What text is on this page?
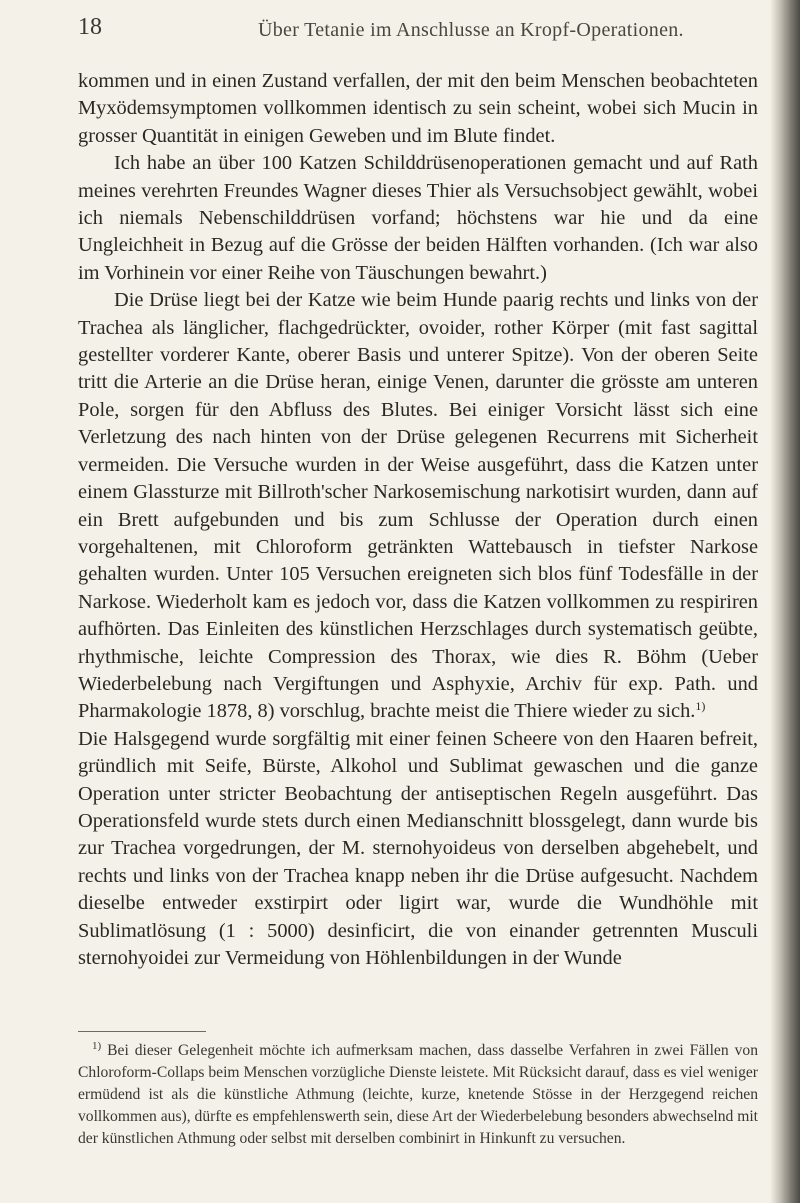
18	Über Tetanie im Anschlusse an Kropf-Operationen.

kommen und in einen Zustand verfallen, der mit den beim Menschen beobachteten Myxödemsymptomen vollkommen identisch zu sein scheint, wobei sich Mucin in grosser Quantität in einigen Geweben und im Blute findet.

Ich habe an über 100 Katzen Schilddrüsenoperationen gemacht und auf Rath meines verehrten Freundes Wagner dieses Thier als Versuchsobject gewählt, wobei ich niemals Nebenschilddrüsen vorfand; höchstens war hie und da eine Ungleichheit in Bezug auf die Grösse der beiden Hälften vorhanden. (Ich war also im Vorhinein vor einer Reihe von Täuschungen bewahrt.)

Die Drüse liegt bei der Katze wie beim Hunde paarig rechts und links von der Trachea als länglicher, flachgedrückter, ovoider, rother Körper (mit fast sagittal gestellter vorderer Kante, oberer Basis und unterer Spitze). Von der oberen Seite tritt die Arterie an die Drüse heran, einige Venen, darunter die grösste am unteren Pole, sorgen für den Abfluss des Blutes. Bei einiger Vorsicht lässt sich eine Verletzung des nach hinten von der Drüse gelegenen Recurrens mit Sicherheit vermeiden. Die Versuche wurden in der Weise ausgeführt, dass die Katzen unter einem Glassturze mit Billroth'scher Narkosemischung narkotisirt wurden, dann auf ein Brett aufgebunden und bis zum Schlusse der Operation durch einen vorgehaltenen, mit Chloroform getränkten Wattebausch in tiefster Narkose gehalten wurden. Unter 105 Versuchen ereigneten sich blos fünf Todesfälle in der Narkose. Wiederholt kam es jedoch vor, dass die Katzen vollkommen zu respiriren aufhörten. Das Einleiten des künstlichen Herzschlages durch systematisch geübte, rhythmische, leichte Compression des Thorax, wie dies R. Böhm (Ueber Wiederbelebung nach Vergiftungen und Asphyxie, Archiv für exp. Path. und Pharmakologie 1878, 8) vorschlug, brachte meist die Thiere wieder zu sich.$^{1)}$

Die Halsgegend wurde sorgfältig mit einer feinen Scheere von den Haaren befreit, gründlich mit Seife, Bürste, Alkohol und Sublimat gewaschen und die ganze Operation unter stricter Beobachtung der antiseptischen Regeln ausgeführt. Das Operationsfeld wurde stets durch einen Medianschnitt blossgelegt, dann wurde bis zur Trachea vorgedrungen, der M. sternohyoideus von derselben abgehebelt, und rechts und links von der Trachea knapp neben ihr die Drüse aufgesucht. Nachdem dieselbe entweder exstirpirt oder ligirt war, wurde die Wundhöhle mit Sublimatlösung (1 : 5000) desinficirt, die von einander getrennten Musculi sternohyoidei zur Vermeidung von Höhlenbildungen in der Wunde

$^{1)}$ Bei dieser Gelegenheit möchte ich aufmerksam machen, dass dasselbe Verfahren in zwei Fällen von Chloroform-Collaps beim Menschen vorzügliche Dienste leistete. Mit Rücksicht darauf, dass es viel weniger ermüdend ist als die künstliche Athmung (leichte, kurze, knetende Stösse in der Herzgegend reichen vollkommen aus), dürfte es empfehlenswerth sein, diese Art der Wiederbelebung besonders abwechselnd mit der künstlichen Athmung oder selbst mit derselben combinirt in Hinkunft zu versuchen.
